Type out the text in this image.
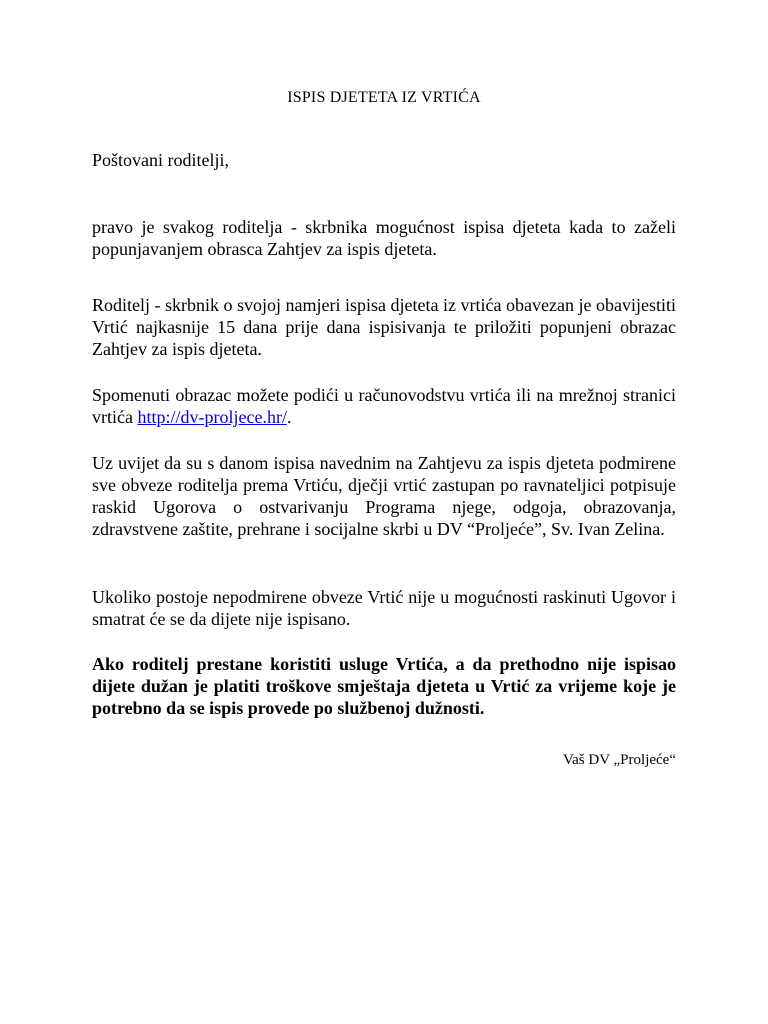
ISPIS DJETETA IZ VRTIĆA
Poštovani roditelji,

pravo je svakog roditelja - skrbnika mogućnost ispisa djeteta kada to zaželi popunjavanjem obrasca Zahtjev za ispis djeteta.

Roditelj - skrbnik o svojoj namjeri ispisa djeteta iz vrtića obavezan je obavijestiti Vrtić najkasnije 15 dana prije dana ispisivanja te priložiti popunjeni obrazac Zahtjev za ispis djeteta.

Spomenuti obrazac možete podići u računovodstvu vrtića ili na mrežnoj stranici vrtića http://dv-proljece.hr/.

Uz uvijet da su s danom ispisa navednim na Zahtjevu za ispis djeteta podmirene sve obveze roditelja prema Vrtiću, dječji vrtić zastupan po ravnateljici potpisuje raskid Ugorova o ostvarivanju Programa njege, odgoja, obrazovanja, zdravstvene zaštite, prehrane i socijalne skrbi u DV “Proljeće”, Sv. Ivan Zelina.

Ukoliko postoje nepodmirene obveze Vrtić nije u mogućnosti raskinuti Ugovor i smatrat će se da dijete nije ispisano.

Ako roditelj prestane koristiti usluge Vrtića, a da prethodno nije ispisao dijete dužan je platiti troškove smještaja djeteta u Vrtić za vrijeme koje je potrebno da se ispis provede po službenoj dužnosti.

Vaš DV „Proljeće“
